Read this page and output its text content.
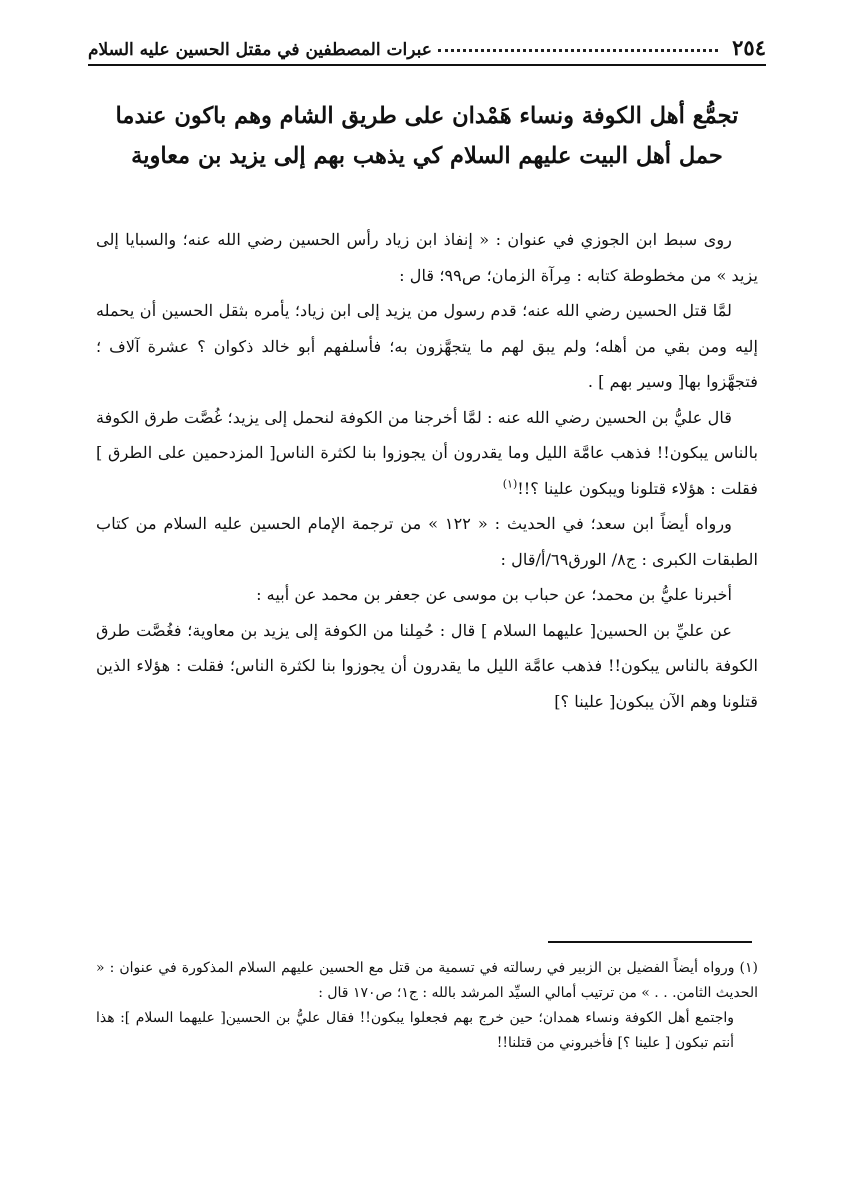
٢٥٤
عبرات المصطفين في مقتل الحسين عليه السلام
تجمُّع أهل الكوفة ونساء هَمْدان على طريق الشام وهم باكون عندما حمل أهل البيت عليهم السلام كي يذهب بهم إلى يزيد بن معاوية

روى سبط ابن الجوزي في عنوان : « إنفاذ ابن زياد رأس الحسين رضي الله عنه؛ والسبايا إلى يزيد » من مخطوطة كتابه : مِرآة الزمان؛ ص٩٩؛ قال :

لمَّا قتل الحسين رضي الله عنه؛ قدم رسول من يزيد إلى ابن زياد؛ يأمره بثقل الحسين أن يحمله إليه ومن بقي من أهله؛ ولم يبق لهم ما يتجهَّزون به؛ فأسلفهم أبو خالد ذكوان ؟ عشرة آلاف ؛ فتجهَّزوا بها[ وسير بهم ] .

قال عليُّ بن الحسين رضي الله عنه : لمَّا أخرجنا من الكوفة لنحمل إلى يزيد؛ غُصَّت طرق الكوفة بالناس يبكون!! فذهب عامَّة الليل وما يقدرون أن يجوزوا بنا لكثرة الناس[ المزدحمين على الطرق ] فقلت : هؤلاء قتلونا ويبكون علينا ؟!!$^{(١)}$

ورواه أيضاً ابن سعد؛ في الحديث : « ١٢٢ » من ترجمة الإمام الحسين عليه السلام من كتاب الطبقات الكبرى : ج٨/ الورق٦٩/أ/قال :

أخبرنا عليُّ بن محمد؛ عن حباب بن موسى عن جعفر بن محمد عن أبيه :

عن عليِّ بن الحسين[ عليهما السلام ] قال : حُمِلنا من الكوفة إلى يزيد بن معاوية؛ فغُصَّت طرق الكوفة بالناس يبكون!! فذهب عامَّة الليل ما يقدرون أن يجوزوا بنا لكثرة الناس؛ فقلت : هؤلاء الذين قتلونا وهم الآن يبكون[ علينا ؟]

(١) ورواه أيضاً الفضيل بن الزبير في رسالته في تسمية من قتل مع الحسين عليهم السلام المذكورة في عنوان : « الحديث الثامن. . . » من ترتيب أمالي السيِّد المرشد بالله : ج١؛ ص١٧٠ قال :

واجتمع أهل الكوفة ونساء همدان؛ حين خرج بهم فجعلوا يبكون!! فقال عليُّ بن الحسين[ عليهما السلام ]: هذا أنتم تبكون [ علينا ؟] فأخبروني من قتلنا!!
